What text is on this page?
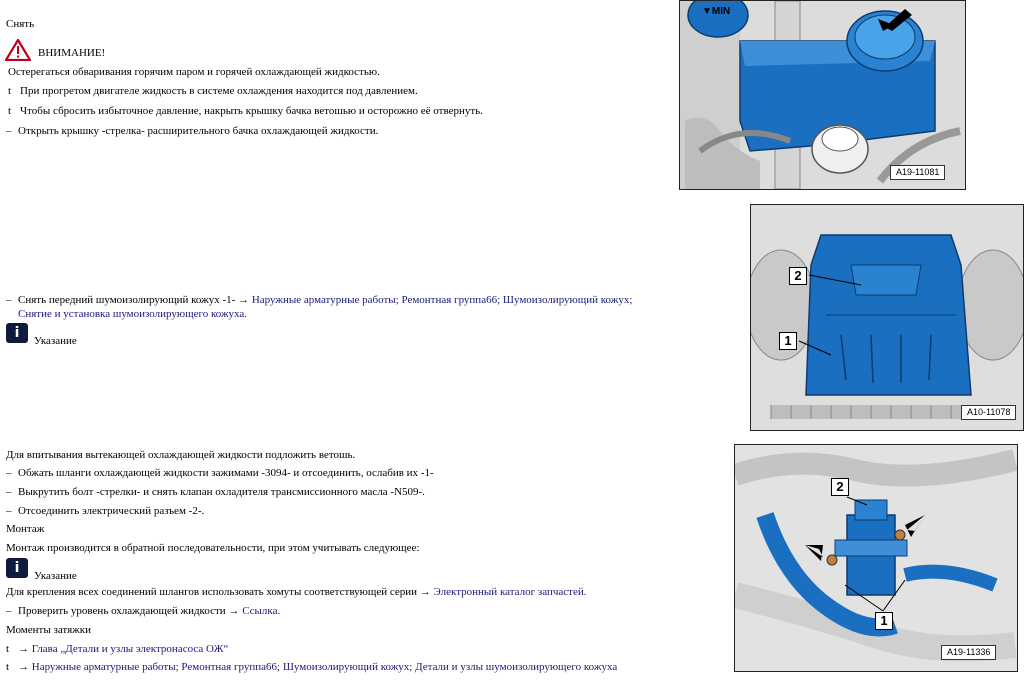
Снять
ВНИМАНИЕ!
Остерегаться обваривания горячим паром и горячей охлаждающей жидкостью.
t При прогретом двигателе жидкость в системе охлаждения находится под давлением.
t Чтобы сбросить избыточное давление, накрыть крышку бачка ветошью и осторожно её отвернуть.
– Открыть крышку -стрелка- расширительного бачка охлаждающей жидкости.
▼MIN
A19-11081
– Снять передний шумоизолирующий кожух -1- → Наружные арматурные работы; Ремонтная группа66; Шумоизолирующий кожух;
Снятие и установка шумоизолирующего кожуха.
i Указание
2
1
A10-11078
Для впитывания вытекающей охлаждающей жидкости подложить ветошь.
– Обжать шланги охлаждающей жидкости зажимами -3094- и отсоединить, ослабив их -1-
– Выкрутить болт -стрелки- и снять клапан охладителя трансмиссионного масла -N509-.
– Отсоединить электрический разъем -2-.
Монтаж
Монтаж производится в обратной последовательности, при этом учитывать следующее:
i Указание
Для крепления всех соединений шлангов использовать хомуты соответствующей серии → Электронный каталог запчастей.
– Проверить уровень охлаждающей жидкости → Ссылка.
Моменты затяжки
t → Глава „Детали и узлы электронасоса ОЖ“
t → Наружные арматурные работы; Ремонтная группа66; Шумоизолирующий кожух; Детали и узлы шумоизолирующего кожуха
2
1
A19-11336
